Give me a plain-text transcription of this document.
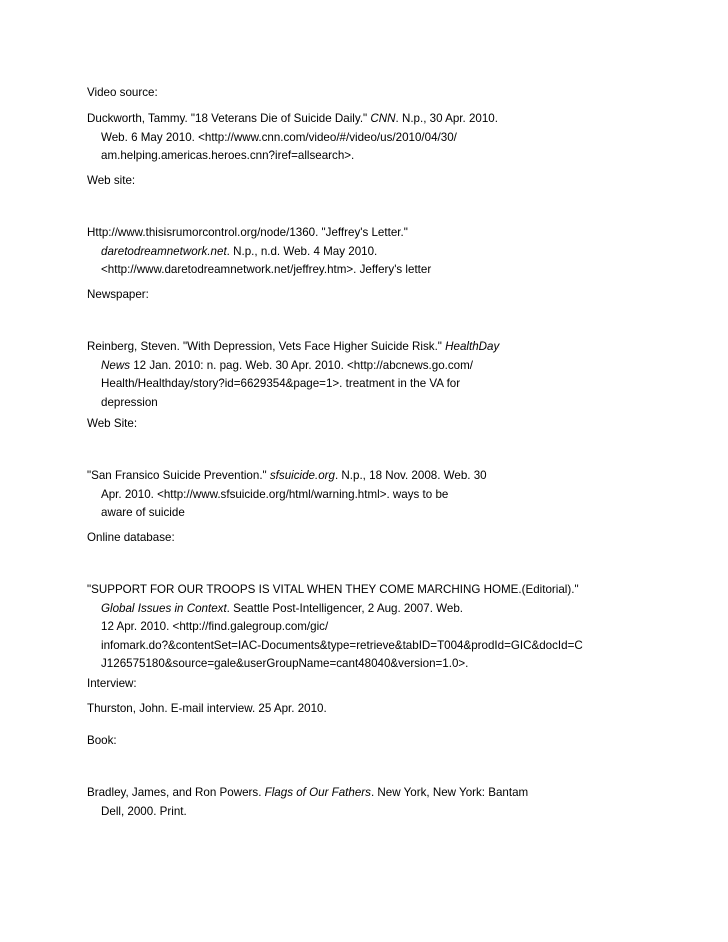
Video source:
Duckworth, Tammy. "18 Veterans Die of Suicide Daily." CNN. N.p., 30 Apr. 2010.
Web. 6 May 2010. <http://www.cnn.com/video/#/video/us/2010/04/30/
am.helping.americas.heroes.cnn?iref=allsearch>.
Web site:
Http://www.thisisrumorcontrol.org/node/1360. "Jeffrey's Letter."
daretodreamnetwork.net. N.p., n.d. Web. 4 May 2010.
<http://www.daretodreamnetwork.net/jeffrey.htm>. Jeffery's letter
Newspaper:
Reinberg, Steven. "With Depression, Vets Face Higher Suicide Risk." HealthDay
News 12 Jan. 2010: n. pag. Web. 30 Apr. 2010. <http://abcnews.go.com/
Health/Healthday/story?id=6629354&page=1>. treatment in the VA for
depression
Web Site:
"San Fransico Suicide Prevention." sfsuicide.org. N.p., 18 Nov. 2008. Web. 30
Apr. 2010. <http://www.sfsuicide.org/html/warning.html>. ways to be
aware of suicide
Online database:
"SUPPORT FOR OUR TROOPS IS VITAL WHEN THEY COME MARCHING HOME.(Editorial)."
Global Issues in Context. Seattle Post-Intelligencer, 2 Aug. 2007. Web.
12 Apr. 2010. <http://find.galegroup.com/gic/
infomark.do?&contentSet=IAC-Documents&type=retrieve&tabID=T004&prodId=GIC&docId=C
J126575180&source=gale&userGroupName=cant48040&version=1.0>.
Interview:
Thurston, John. E-mail interview. 25 Apr. 2010.
Book:
Bradley, James, and Ron Powers. Flags of Our Fathers. New York, New York: Bantam
Dell, 2000. Print.
